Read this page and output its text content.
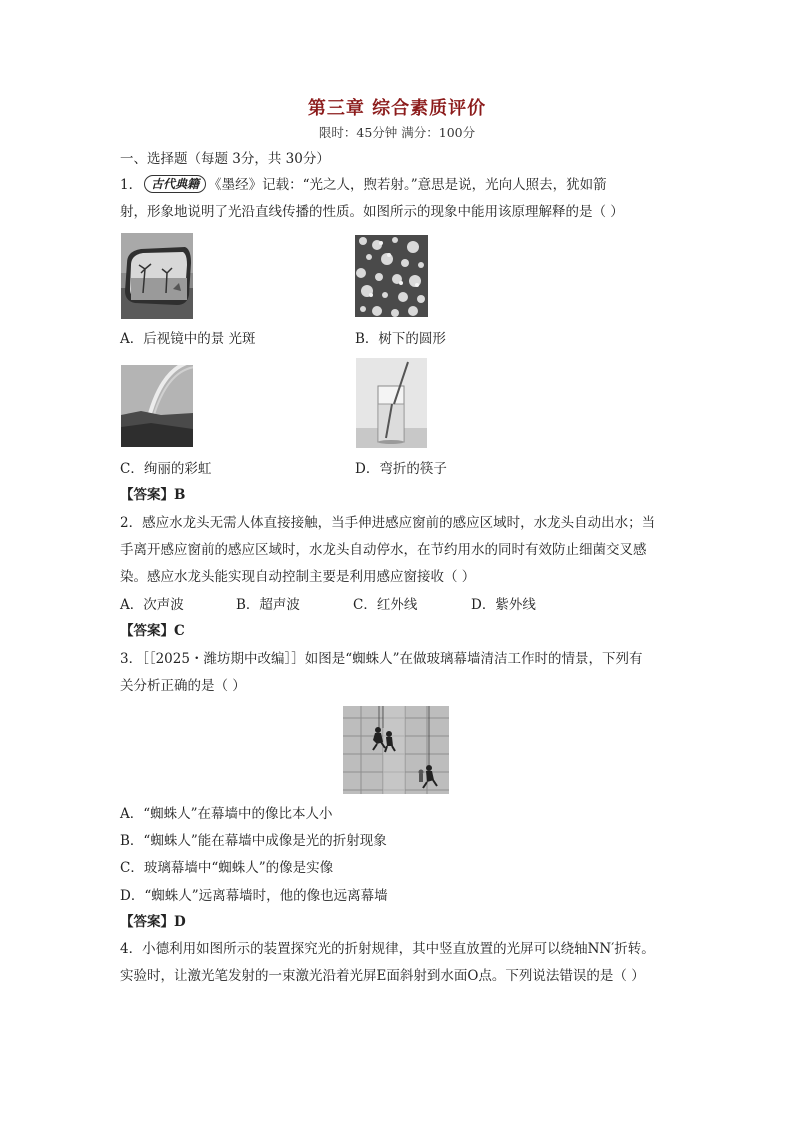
第三章 综合素质评价
限时：45分钟 满分：100分
一、选择题（每题 3分，共 30分）
1． 古代典籍 《墨经》记载：“光之人，煦若射。”意思是说，光向人照去，犹如箭
射，形象地说明了光沿直线传播的性质。如图所示的现象中能用该原理解释的是（ ）
A．后视镜中的景 光斑	B．树下的圆形
C．绚丽的彩虹	D．弯折的筷子
【答案】B
2．感应水龙头无需人体直接接触，当手伸进感应窗前的感应区域时，水龙头自动出水；当
手离开感应窗前的感应区域时，水龙头自动停水，在节约用水的同时有效防止细菌交叉感
染。感应水龙头能实现自动控制主要是利用感应窗接收（ ）
A．次声波	B．超声波	C．红外线	D．紫外线
【答案】C
3．［［2025・潍坊期中改编］］如图是“蜘蛛人”在做玻璃幕墙清洁工作时的情景，下列有
关分析正确的是（ ）
A．“蜘蛛人”在幕墙中的像比本人小
B．“蜘蛛人”能在幕墙中成像是光的折射现象
C．玻璃幕墙中“蜘蛛人”的像是实像
D．“蜘蛛人”远离幕墙时，他的像也远离幕墙
【答案】D
4．小德利用如图所示的装置探究光的折射规律，其中竖直放置的光屏可以绕轴NN′折转。
实验时，让激光笔发射的一束激光沿着光屏E面斜射到水面O点。下列说法错误的是（ ）
